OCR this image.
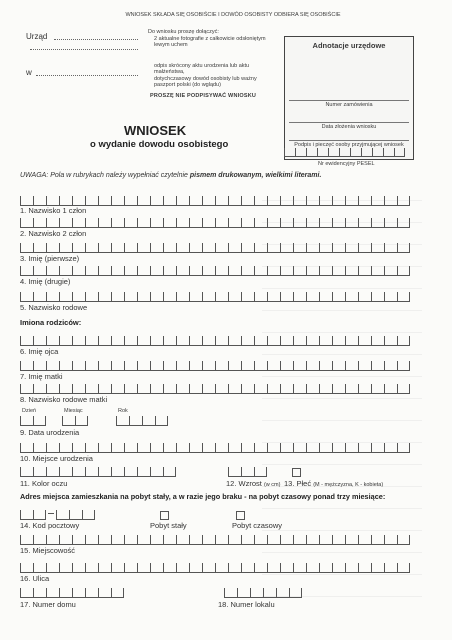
WNIOSEK SKŁADA SIĘ OSOBIŚCIE I DOWÓD OSOBISTY ODBIERA SIĘ OSOBIŚCIE
Urząd
w
Do wniosku proszę dołączyć:
2 aktualne fotografie z całkowicie odsłoniętym lewym uchem
odpis skrócony aktu urodzenia lub aktu małżeństwa,
dotychczasowy dowód osobisty lub ważny paszport polski (do wglądu)
PROSZĘ NIE PODPISYWAĆ WNIOSKU
Adnotacje urzędowe
Numer zamówienia
Data złożenia wniosku
Podpis i pieczęć osoby przyjmującej wniosek
WNIOSEK
o wydanie dowodu osobistego
Nr ewidencyjny PESEL
UWAGA: Pola w rubrykach należy wypełniać czytelnie pismem drukowanym, wielkimi literami.
1. Nazwisko 1 człon
2. Nazwisko 2 człon
3. Imię (pierwsze)
4. Imię (drugie)
5. Nazwisko rodowe
Imiona rodziców:
6. Imię ojca
7. Imię matki
8. Nazwisko rodowe matki
Dzień	Miesiąc	Rok
9. Data urodzenia
10. Miejsce urodzenia
11. Kolor oczu	12. Wzrost (w cm) 13. Płeć (M - mężczyzna, K - kobieta)
Adres miejsca zamieszkania na pobyt stały, a w razie jego braku - na pobyt czasowy ponad trzy miesiące:
14. Kod pocztowy	Pobyt stały	Pobyt czasowy
15. Miejscowość
16. Ulica
17. Numer domu	18. Numer lokalu
